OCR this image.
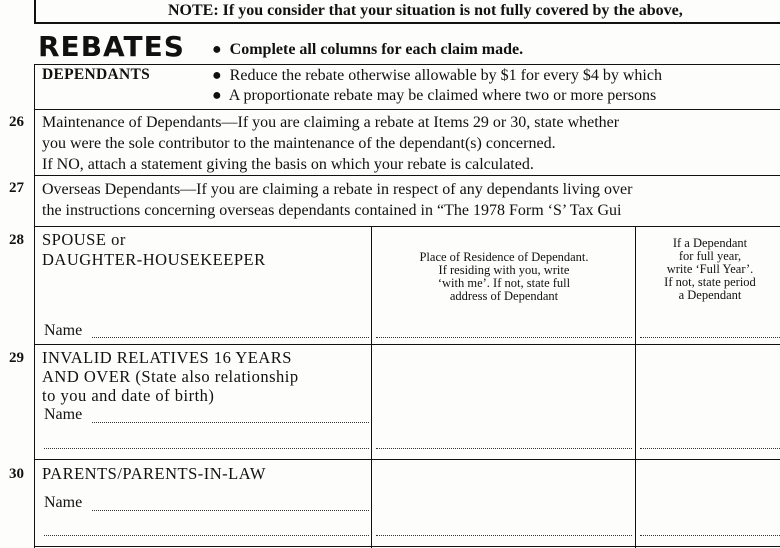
NOTE: If you consider that your situation is not fully covered by the above,
REBATES ●  Complete all columns for each claim made.
DEPENDANTS	●  Reduce the rebate otherwise allowable by $1 for every $4 by which
●  A proportionate rebate may be claimed where two or more persons
26 Maintenance of Dependants—If you are claiming a rebate at Items 29 or 30, state whether
you were the sole contributor to the maintenance of the dependant(s) concerned.
If NO, attach a statement giving the basis on which your rebate is calculated.
27 Overseas Dependants—If you are claiming a rebate in respect of any dependants living over
the instructions concerning overseas dependants contained in “The 1978 Form ‘S’ Tax Gui
Place of Residence of Dependant.
If residing with you, write
‘with me’. If not, state full
address of Dependant
If a Dependant
for full year,
write ‘Full Year’.
If not, state period
a Dependant
28 SPOUSE or
DAUGHTER-HOUSEKEEPER
Name
29 INVALID RELATIVES 16 YEARS
AND OVER (State also relationship
to you and date of birth)
Name
30 PARENTS/PARENTS-IN-LAW
Name
